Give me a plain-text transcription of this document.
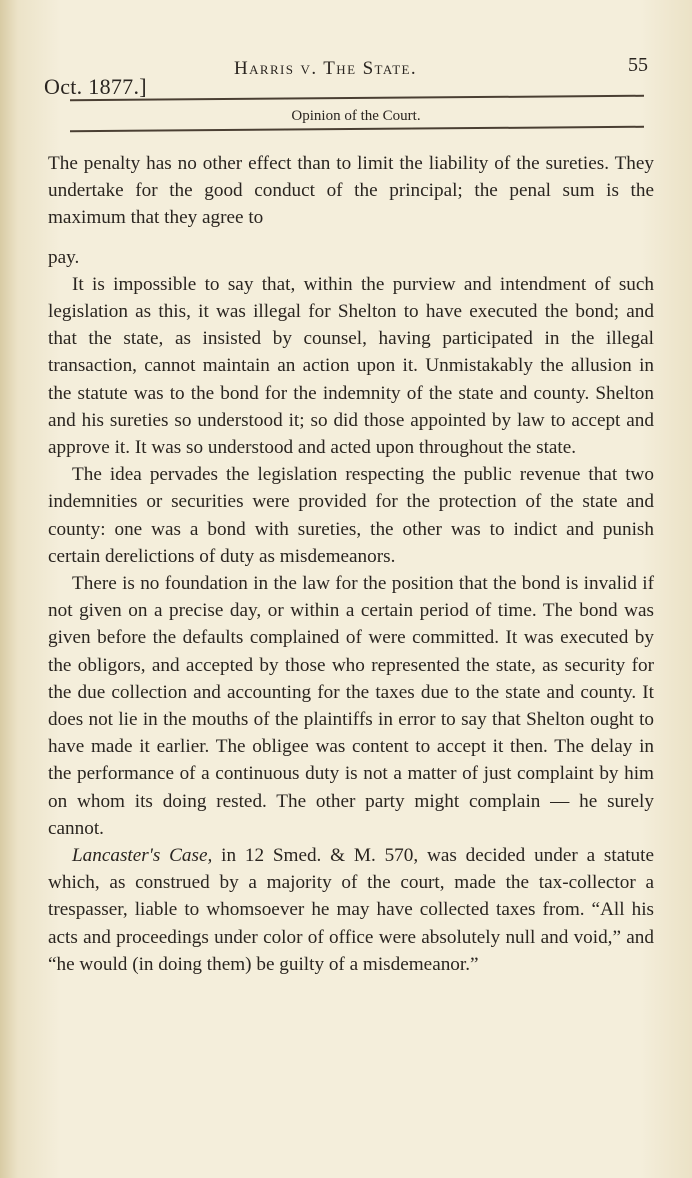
Oct. 1877.]
Harris v. The State.	55
Opinion of the Court.

The penalty has no other effect than to limit the liability of the sureties. They undertake for the good conduct of the principal; the penal sum is the maximum that they agree to
pay.

It is impossible to say that, within the purview and intendment of such legislation as this, it was illegal for Shelton to have executed the bond; and that the state, as insisted by counsel, having participated in the illegal transaction, cannot maintain an action upon it. Unmistakably the allusion in the statute was to the bond for the indemnity of the state and county. Shelton and his sureties so understood it; so did those appointed by law to accept and approve it. It was so understood and acted upon throughout the state.

The idea pervades the legislation respecting the public revenue that two indemnities or securities were provided for the protection of the state and county: one was a bond with sureties, the other was to indict and punish certain derelictions of duty as misdemeanors.

There is no foundation in the law for the position that the bond is invalid if not given on a precise day, or within a certain period of time. The bond was given before the defaults complained of were committed. It was executed by the obligors, and accepted by those who represented the state, as security for the due collection and accounting for the taxes due to the state and county. It does not lie in the mouths of the plaintiffs in error to say that Shelton ought to have made it earlier. The obligee was content to accept it then. The delay in the performance of a continuous duty is not a matter of just complaint by him on whom its doing rested. The other party might complain — he surely cannot.

Lancaster's Case, in 12 Smed. & M. 570, was decided under a statute which, as construed by a majority of the court, made the tax-collector a trespasser, liable to whomsoever he may have collected taxes from. “All his acts and proceedings under color of office were absolutely null and void,” and “he would (in doing them) be guilty of a misdemeanor.”
